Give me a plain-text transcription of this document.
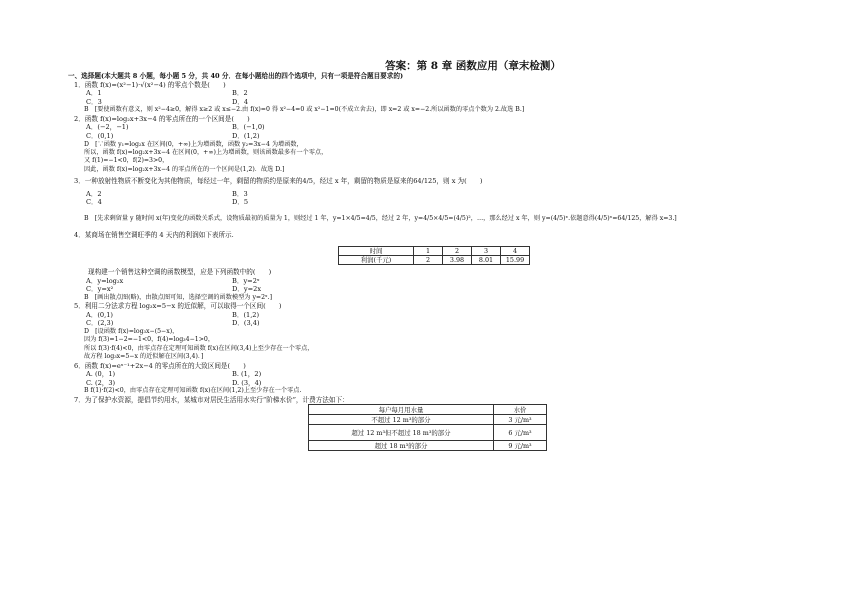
答案：第 8 章 函数应用（章末检测）
一、选择题(本大题共 8 小题，每小题 5 分，共 40 分．在每小题给出的四个选项中，只有一项是符合题目要求的)
1．函数 f(x)=(x²−1)·√(x²−4) 的零点个数是(　　)
A．1	B．2
C．3	D．4
B　[要使函数有意义，则 x²−4≥0，解得 x≥2 或 x≤−2.由 f(x)=0 得 x²−4=0 或 x²−1=0(不成立舍去)，即 x=2 或 x=−2.所以函数的零点个数为 2.故选 B.]
2．函数 f(x)=log₂x+3x−4 的零点所在的一个区间是(　　)
A．(−2，−1)	B．(−1,0)
C．(0,1)	D．(1,2)
D　[∵函数 y₁=log₂x 在区间(0，+∞)上为增函数，函数 y₂=3x−4 为增函数，
所以，函数 f(x)=log₂x+3x−4 在区间(0，+∞)上为增函数，则该函数最多有一个零点，
又 f(1)=−1<0，f(2)=3>0，
因此，函数 f(x)=log₂x+3x−4 的零点所在的一个区间是(1,2)．故选 D.]
3．一种放射性物质不断变化为其他物质，每经过一年，剩留的物质约是原来的4/5，经过 x 年，剩留的物质是原来的64/125，则 x 为(　　)
A．2	B．3
C．4	D．5
B　[先求剩留量 y 随时间 x(年)变化的函数关系式，设物质最初的质量为 1，则经过 1 年，y=1×4/5=4/5，经过 2 年，y=4/5×4/5=(4/5)²，…，那么经过 x 年，则 y=(4/5)ˣ.依题意得(4/5)ˣ=64/125，解得 x=3.]
4．某商场在销售空调旺季的 4 天内的利润如下表所示.
时间	1	2	3	4
利润(千元)	2	3.98	8.01	15.99
现构建一个销售这种空调的函数模型，应是下列函数中的(　　)
A．y=log₂x	B．y=2ˣ
C．y=x²	D．y=2x
B　[画出散点图(略)，由散点图可知，选择空调的函数模型为 y=2ˣ.]
5．利用二分法求方程 log₃x=5−x 的近似解，可以取得一个区间(　　)
A．(0,1)	B．(1,2)
C．(2,3)	D．(3,4)
D　[设函数 f(x)=log₃x−(5−x)，
因为 f(3)=1−2=−1<0，f(4)=log₃4−1>0，
所以 f(3)·f(4)<0，由零点存在定理可知函数 f(x)在区间(3,4)上至少存在一个零点，
故方程 log₃x=5−x 的近似解在区间(3,4)．]
6．函数 f(x)=eˣ⁻¹+2x−4 的零点所在的大致区间是(　　)
A. (0，1)	B. (1，2)
C. (2，3)	D. (3，4)
B f(1)·f(2)<0，由零点存在定理可知函数 f(x)在区间(1,2)上至少存在一个零点.
7．为了保护水资源，提倡节约用水，某城市对居民生活用水实行“阶梯水价”，计费方法如下：
每户每月用水量	水价
不超过 12 m³的部分	3 元/m³
超过 12 m³但不超过 18 m³的部分	6 元/m³
超过 18 m³的部分	9 元/m³
